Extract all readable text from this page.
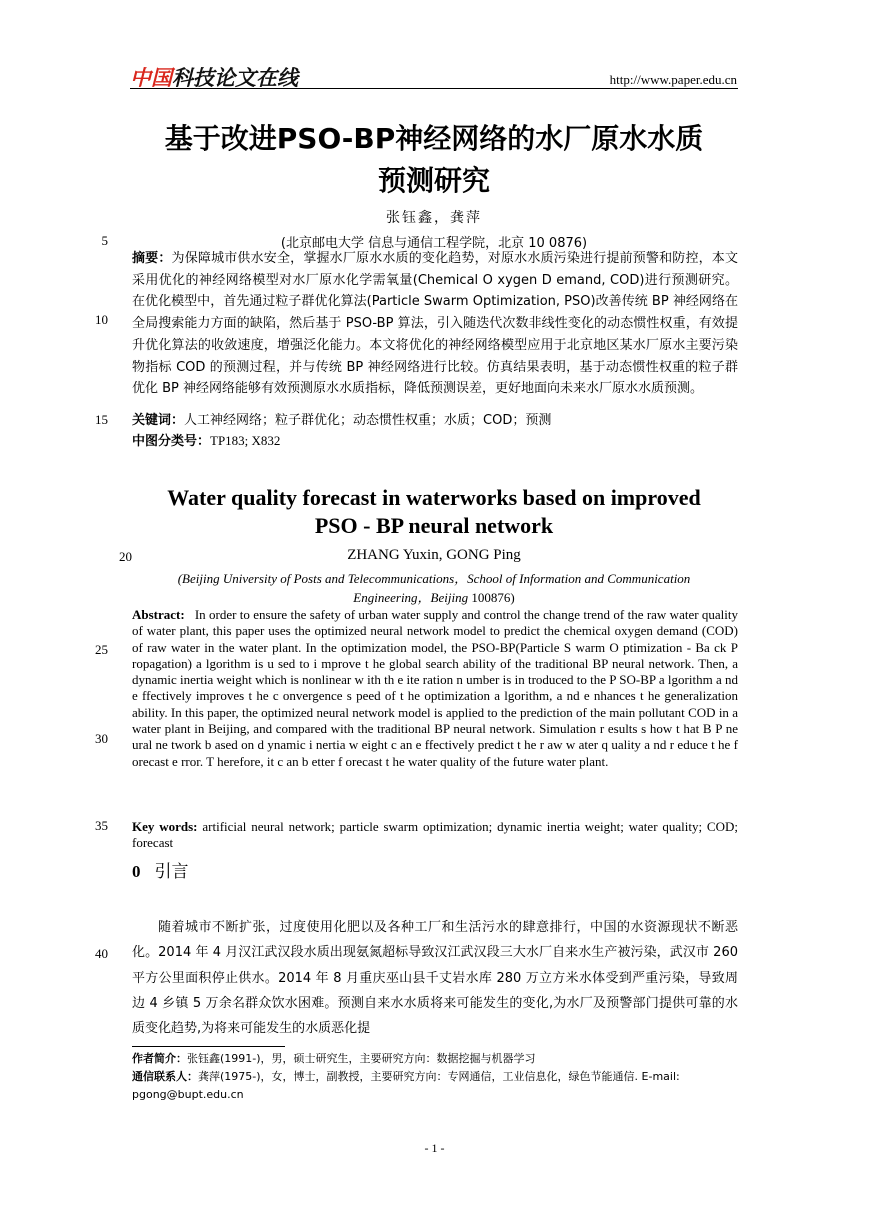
中国科技论文在线	http://www.paper.edu.cn
基于改进PSO-BP神经网络的水厂原水水质
预测研究
张钰鑫，龚萍
5	(北京邮电大学 信息与通信工程学院，北京 10 0876)
10
15
摘要：为保障城市供水安全，掌握水厂原水水质的变化趋势，对原水水质污染进行提前预警和防控，本文采用优化的神经网络模型对水厂原水化学需氧量(Chemical O xygen D emand, COD)进行预测研究。在优化模型中，首先通过粒子群优化算法(Particle Swarm Optimization, PSO)改善传统 BP 神经网络在全局搜索能力方面的缺陷，然后基于 PSO-BP 算法，引入随迭代次数非线性变化的动态惯性权重，有效提升优化算法的收敛速度，增强泛化能力。本文将优化的神经网络模型应用于北京地区某水厂原水主要污染物指标 COD 的预测过程，并与传统 BP 神经网络进行比较。仿真结果表明，基于动态惯性权重的粒子群优化 BP 神经网络能够有效预测原水水质指标，降低预测误差，更好地面向未来水厂原水水质预测。
关键词：人工神经网络；粒子群优化；动态惯性权重；水质；COD；预测
中图分类号：TP183; X832
Water quality forecast in waterworks based on improved
PSO - BP neural network
20	ZHANG Yuxin, GONG Ping
(Beijing University of Posts and Telecommunications，School of Information and Communication
Engineering，Beijing 100876)
25
30
35
Abstract: In order to ensure the safety of urban water supply and control the change trend of the raw water quality of water plant, this paper uses the optimized neural network model to predict the chemical oxygen demand (COD) of raw water in the water plant. In the optimization model, the PSO-BP(Particle S warm O ptimization - Ba ck P ropagation) a lgorithm is u sed to i mprove t he global search ability of the traditional BP neural network. Then, a dynamic inertia weight which is nonlinear w ith th e ite ration n umber is in troduced to the P SO-BP a lgorithm a nd e ffectively improves t he c onvergence s peed of t he optimization a lgorithm, a nd e nhances t he generalization ability. In this paper, the optimized neural network model is applied to the prediction of the main pollutant COD in a water plant in Beijing, and compared with the traditional BP neural network. Simulation r esults s how t hat B P ne ural ne twork b ased on d ynamic i nertia w eight c an e ffectively predict t he r aw w ater q uality a nd r educe t he f orecast e rror. T herefore, it c an b etter f orecast t he water quality of the future water plant.
Key words: artificial neural network; particle swarm optimization; dynamic inertia weight; water quality; COD; forecast
0 引言
40
随着城市不断扩张，过度使用化肥以及各种工厂和生活污水的肆意排行，中国的水资源现状不断恶化。2014 年 4 月汉江武汉段水质出现氨氮超标导致汉江武汉段三大水厂自来水生产被污染，武汉市 260 平方公里面积停止供水。2014 年 8 月重庆巫山县千丈岩水库 280 万立方米水体受到严重污染，导致周边 4 乡镇 5 万余名群众饮水困难。预测自来水水质将来可能发生的变化,为水厂及预警部门提供可靠的水质变化趋势,为将来可能发生的水质恶化提
作者简介：张钰鑫(1991-)，男，硕士研究生，主要研究方向：数据挖掘与机器学习
通信联系人：龚萍(1975-)，女，博士，副教授，主要研究方向：专网通信，工业信息化，绿色节能通信. E-mail: pgong@bupt.edu.cn
- 1 -
